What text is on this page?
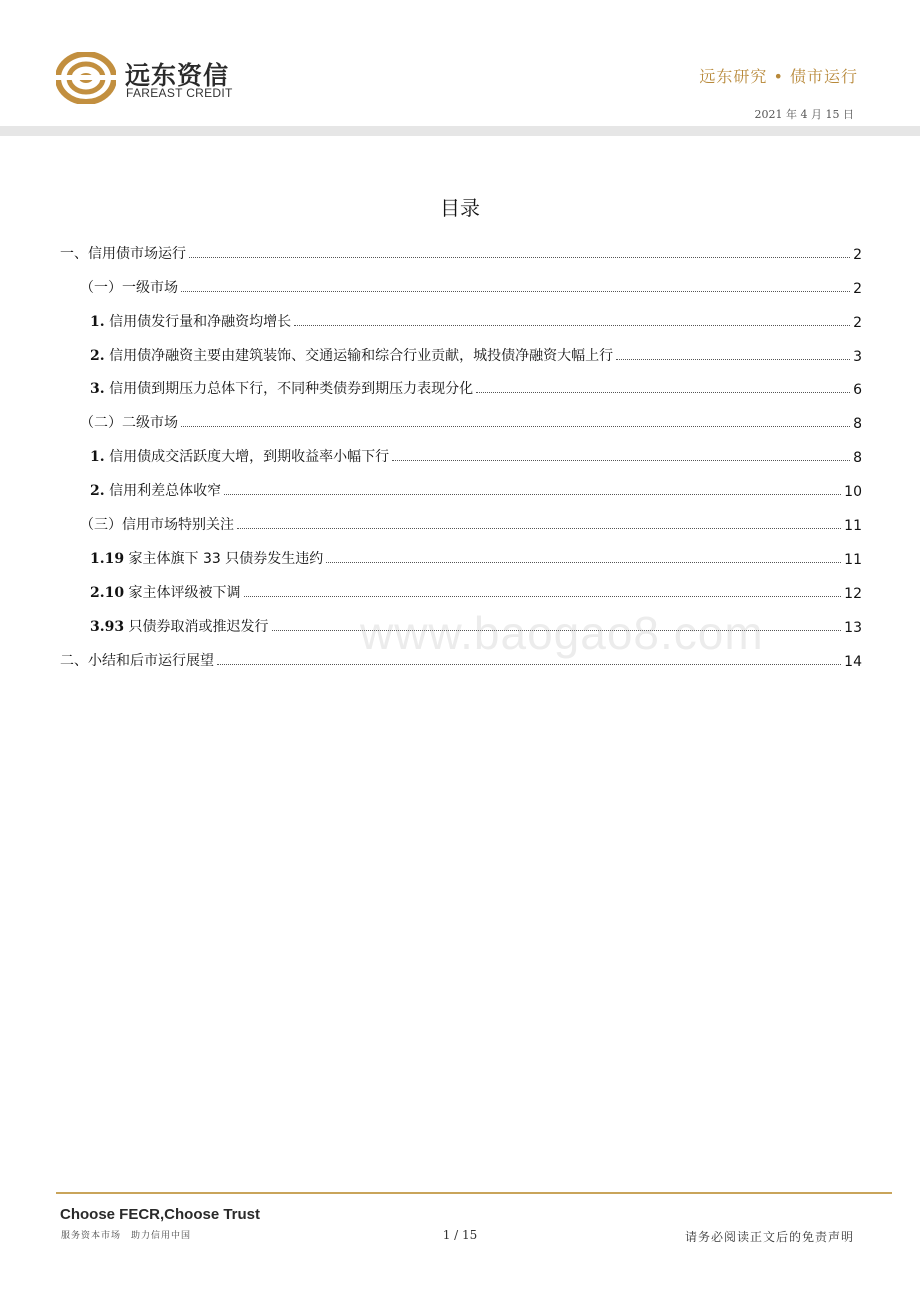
远东资信
FAREAST CREDIT
远东研究 • 债市运行
2021 年 4 月 15 日
目录
一、信用债市场运行	2
（一）一级市场	2
1. 信用债发行量和净融资均增长	2
2. 信用债净融资主要由建筑装饰、交通运输和综合行业贡献，城投债净融资大幅上行	3
3. 信用债到期压力总体下行，不同种类债券到期压力表现分化	6
（二）二级市场	8
1. 信用债成交活跃度大增，到期收益率小幅下行	8
2. 信用利差总体收窄	10
（三）信用市场特别关注	11
1.19 家主体旗下 33 只债券发生违约	11
2.10 家主体评级被下调	12
3.93 只债券取消或推迟发行	13
二、小结和后市运行展望	14
www.baogao8.com
Choose FECR,Choose Trust
服务资本市场　助力信用中国	1 / 15	请务必阅读正文后的免责声明
